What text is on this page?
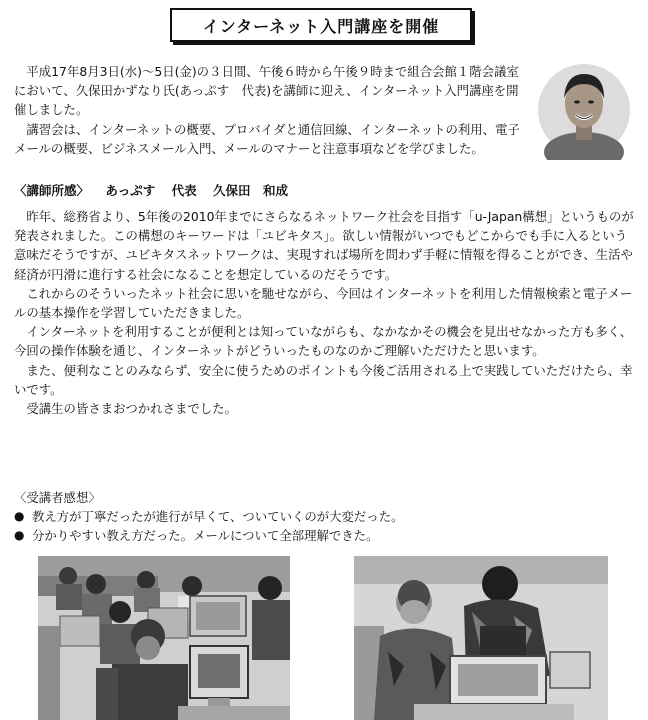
インターネット入門講座を開催

平成17年8月3日(水)～5日(金)の３日間、午後６時から午後９時まで組合会館１階会議室において、久保田かずなり氏(あっぷす　代表)を講師に迎え、インターネット入門講座を開催しました。

講習会は、インターネットの概要、プロバイダと通信回線、インターネットの利用、電子メールの概要、ビジネスメール入門、メールのマナーと注意事項などを学びました。

〈講師所感〉 あっぷす 代表 久保田　和成

昨年、総務省より、5年後の2010年までにさらなるネットワーク社会を目指す「u-Japan構想」というものが発表されました。この構想のキーワードは「ユビキタス」。欲しい情報がいつでもどこからでも手に入るという意味だそうですが、ユビキタスネットワークは、実現すれば場所を問わず手軽に情報を得ることができ、生活や経済が円滑に進行する社会になることを想定しているのだそうです。

これからのそういったネット社会に思いを馳せながら、今回はインターネットを利用した情報検索と電子メールの基本操作を学習していただきました。

インターネットを利用することが便利とは知っていながらも、なかなかその機会を見出せなかった方も多く、今回の操作体験を通じ、インターネットがどういったものなのかご理解いただけたと思います。

また、便利なことのみならず、安全に使うためのポイントも今後ご活用される上で実践していただけたら、幸いです。

受講生の皆さまおつかれさまでした。

〈受講者感想〉

● 教え方が丁寧だったが進行が早くて、ついていくのが大変だった。
● 分かりやすい教え方だった。メールについて全部理解できた。
